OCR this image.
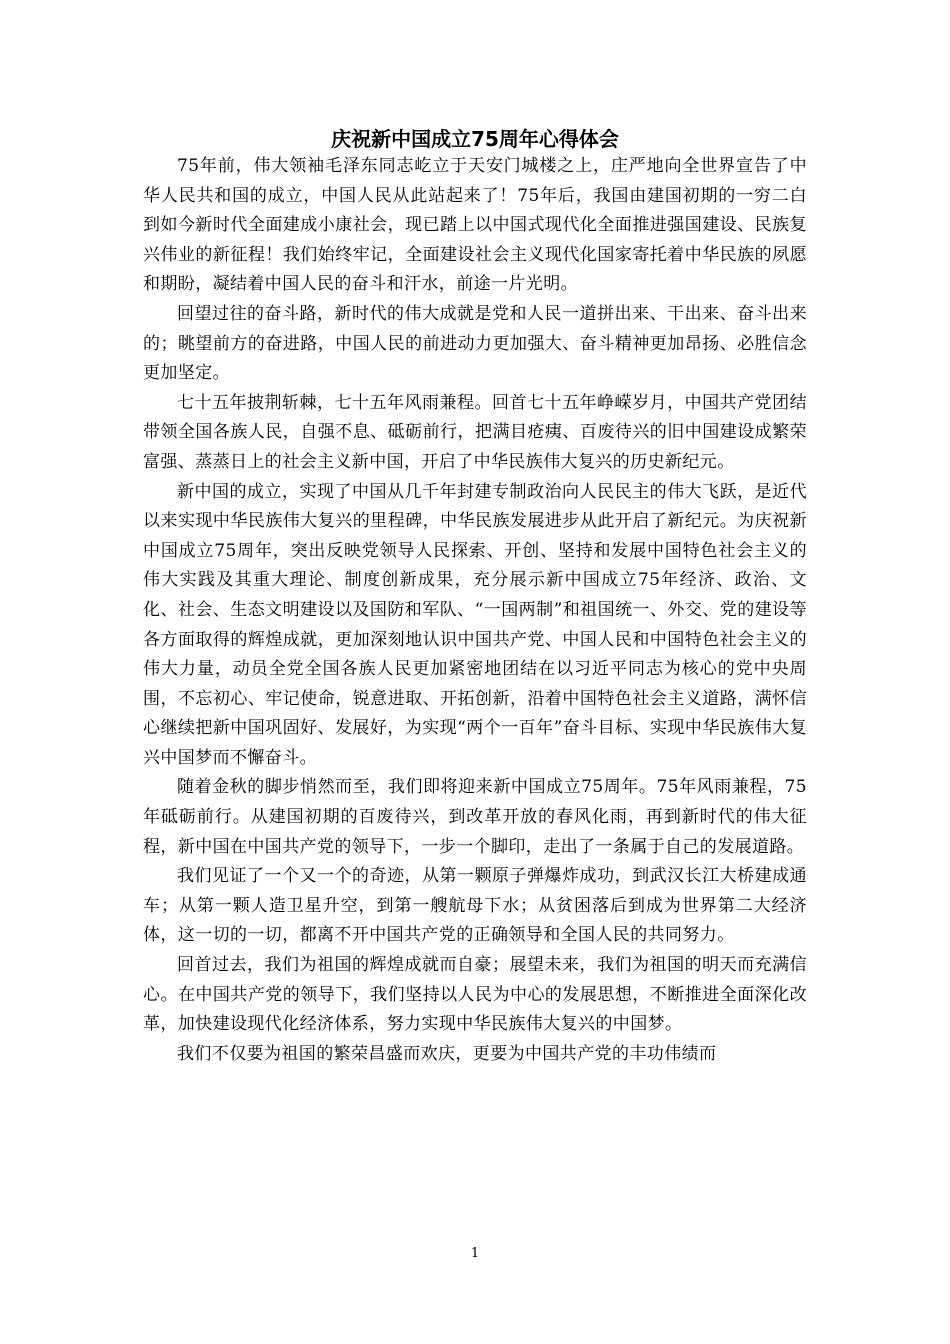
庆祝新中国成立75周年心得体会

75年前，伟大领袖毛泽东同志屹立于天安门城楼之上，庄严地向全世界宣告了中华人民共和国的成立，中国人民从此站起来了！75年后，我国由建国初期的一穷二白到如今新时代全面建成小康社会，现已踏上以中国式现代化全面推进强国建设、民族复兴伟业的新征程！我们始终牢记，全面建设社会主义现代化国家寄托着中华民族的夙愿和期盼，凝结着中国人民的奋斗和汗水，前途一片光明。

回望过往的奋斗路，新时代的伟大成就是党和人民一道拼出来、干出来、奋斗出来的；眺望前方的奋进路，中国人民的前进动力更加强大、奋斗精神更加昂扬、必胜信念更加坚定。

七十五年披荆斩棘，七十五年风雨兼程。回首七十五年峥嵘岁月，中国共产党团结带领全国各族人民，自强不息、砥砺前行，把满目疮痍、百废待兴的旧中国建设成繁荣富强、蒸蒸日上的社会主义新中国，开启了中华民族伟大复兴的历史新纪元。

新中国的成立，实现了中国从几千年封建专制政治向人民民主的伟大飞跃，是近代以来实现中华民族伟大复兴的里程碑，中华民族发展进步从此开启了新纪元。为庆祝新中国成立75周年，突出反映党领导人民探索、开创、坚持和发展中国特色社会主义的伟大实践及其重大理论、制度创新成果，充分展示新中国成立75年经济、政治、文化、社会、生态文明建设以及国防和军队、“一国两制”和祖国统一、外交、党的建设等各方面取得的辉煌成就，更加深刻地认识中国共产党、中国人民和中国特色社会主义的伟大力量，动员全党全国各族人民更加紧密地团结在以习近平同志为核心的党中央周围，不忘初心、牢记使命，锐意进取、开拓创新，沿着中国特色社会主义道路，满怀信心继续把新中国巩固好、发展好，为实现“两个一百年”奋斗目标、实现中华民族伟大复兴中国梦而不懈奋斗。

随着金秋的脚步悄然而至，我们即将迎来新中国成立75周年。75年风雨兼程，75年砥砺前行。从建国初期的百废待兴，到改革开放的春风化雨，再到新时代的伟大征程，新中国在中国共产党的领导下，一步一个脚印，走出了一条属于自己的发展道路。

我们见证了一个又一个的奇迹，从第一颗原子弹爆炸成功，到武汉长江大桥建成通车；从第一颗人造卫星升空，到第一艘航母下水；从贫困落后到成为世界第二大经济体，这一切的一切，都离不开中国共产党的正确领导和全国人民的共同努力。

回首过去，我们为祖国的辉煌成就而自豪；展望未来，我们为祖国的明天而充满信心。在中国共产党的领导下，我们坚持以人民为中心的发展思想，不断推进全面深化改革，加快建设现代化经济体系，努力实现中华民族伟大复兴的中国梦。

我们不仅要为祖国的繁荣昌盛而欢庆，更要为中国共产党的丰功伟绩而

1
